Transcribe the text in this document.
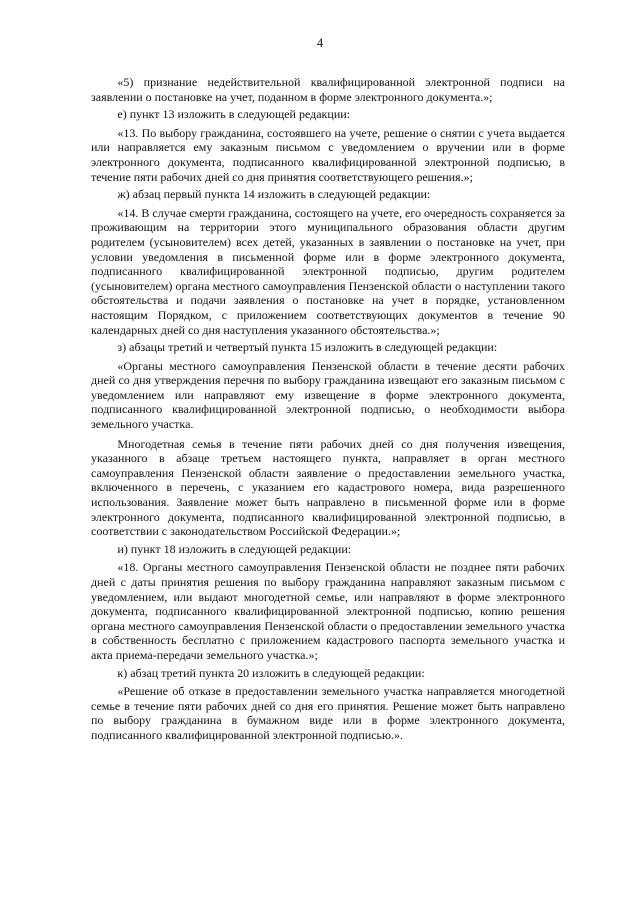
4

«5) признание недействительной квалифицированной электронной подписи на заявлении о постановке на учет, поданном в форме электронного документа.»;

е) пункт 13 изложить в следующей редакции:

«13. По выбору гражданина, состоявшего на учете, решение о снятии с учета выдается или направляется ему заказным письмом с уведомлением о вручении или в форме электронного документа, подписанного квалифицированной электронной подписью, в течение пяти рабочих дней со дня принятия соответствующего решения.»;

ж) абзац первый пункта 14 изложить в следующей редакции:

«14. В случае смерти гражданина, состоящего на учете, его очередность сохраняется за проживающим на территории этого муниципального образования области другим родителем (усыновителем) всех детей, указанных в заявлении о постановке на учет, при условии уведомления в письменной форме или в форме электронного документа, подписанного квалифицированной электронной подписью, другим родителем (усыновителем) органа местного самоуправления Пензенской области о наступлении такого обстоятельства и подачи заявления о постановке на учет в порядке, установленном настоящим Порядком, с приложением соответствующих документов в течение 90 календарных дней со дня наступления указанного обстоятельства.»;

з) абзацы третий и четвертый пункта 15 изложить в следующей редакции:

«Органы местного самоуправления Пензенской области в течение десяти рабочих дней со дня утверждения перечня по выбору гражданина извещают его заказным письмом с уведомлением или направляют ему извещение в форме электронного документа, подписанного квалифицированной электронной подписью, о необходимости выбора земельного участка.

Многодетная семья в течение пяти рабочих дней со дня получения извещения, указанного в абзаце третьем настоящего пункта, направляет в орган местного самоуправления Пензенской области заявление о предоставлении земельного участка, включенного в перечень, с указанием его кадастрового номера, вида разрешенного использования. Заявление может быть направлено в письменной форме или в форме электронного документа, подписанного квалифицированной электронной подписью, в соответствии с законодательством Российской Федерации.»;

и) пункт 18 изложить в следующей редакции:

«18. Органы местного самоуправления Пензенской области не позднее пяти рабочих дней с даты принятия решения по выбору гражданина направляют заказным письмом с уведомлением, или выдают многодетной семье, или направляют в форме электронного документа, подписанного квалифицированной электронной подписью, копию решения органа местного самоуправления Пензенской области о предоставлении земельного участка в собственность бесплатно с приложением кадастрового паспорта земельного участка и акта приема-передачи земельного участка.»;

к) абзац третий пункта 20 изложить в следующей редакции:

«Решение об отказе в предоставлении земельного участка направляется многодетной семье в течение пяти рабочих дней со дня его принятия. Решение может быть направлено по выбору гражданина в бумажном виде или в форме электронного документа, подписанного квалифицированной электронной подписью.».
